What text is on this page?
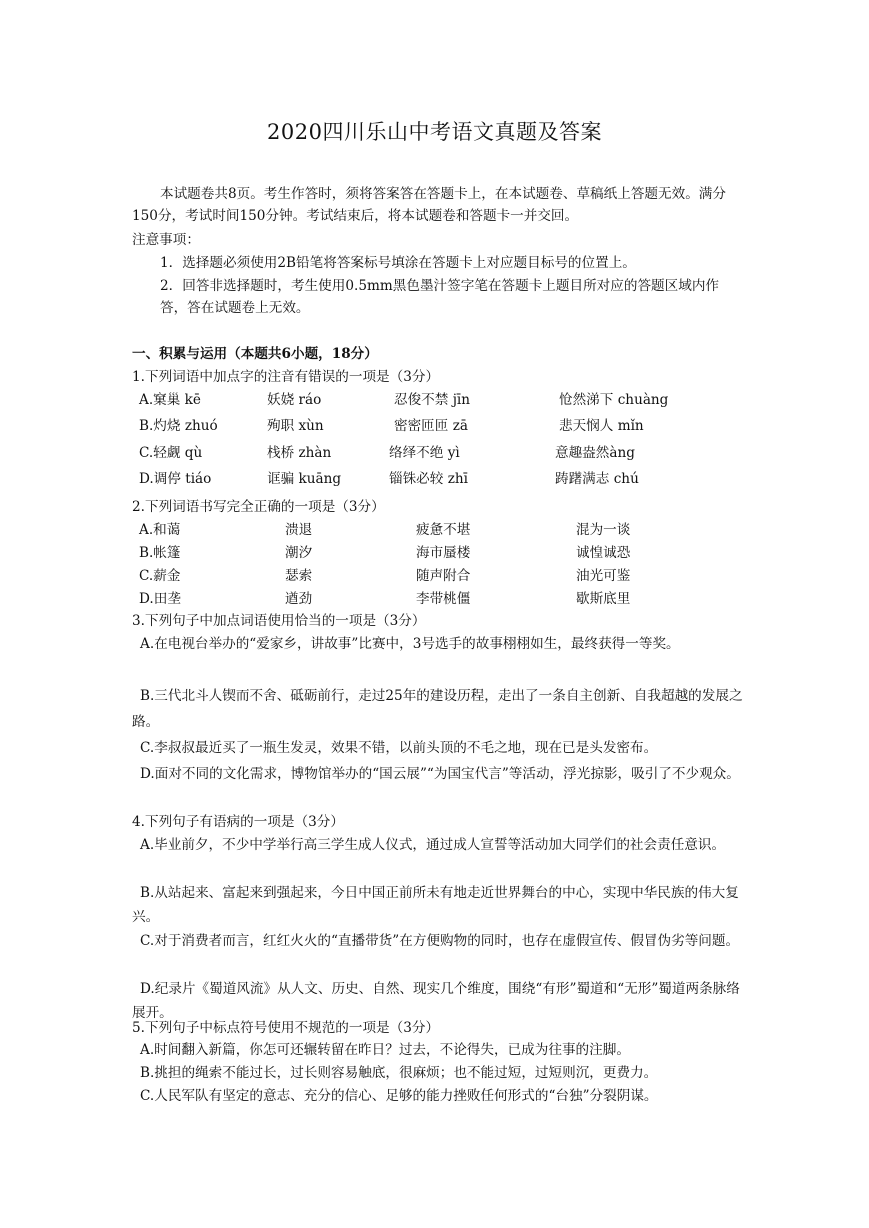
2020四川乐山中考语文真题及答案
本试题卷共8页。考生作答时，须将答案答在答题卡上，在本试题卷、草稿纸上答题无效。满分150分，考试时间150分钟。考试结束后，将本试题卷和答题卡一并交回。
注意事项：
1．选择题必须使用2B铅笔将答案标号填涂在答题卡上对应题目标号的位置上。
2．回答非选择题时，考生使用0.5mm黑色墨汁签字笔在答题卡上题目所对应的答题区域内作答，答在试题卷上无效。
一、积累与运用（本题共6小题，18分）
1.下列词语中加点字的注音有错误的一项是（3分）
A.窠巢 kē	妖娆 ráo	忍俊不禁 jīn	怆然涕下 chuàng
B.灼烧 zhuó	殉职 xùn	密密匝匝 zā	悲天悯人 mǐn
C.轻觑 qù	栈桥 zhàn	络绎不绝 yì	意趣盎然àng
D.调停 tiáo	诓骗 kuāng	锱铢必较 zhī	踌躇满志 chú
2.下列词语书写完全正确的一项是（3分）
A.和蔼	溃退	疲惫不堪	混为一谈
B.帐篷	潮汐	海市蜃楼	诚惶诚恐
C.薪金	瑟索	随声附合	油光可鉴
D.田垄	遒劲	李带桃僵	歇斯底里
3.下列句子中加点词语使用恰当的一项是（3分）
A.在电视台举办的“爱家乡，讲故事”比赛中，3号选手的故事栩栩如生，最终获得一等奖。
B.三代北斗人锲而不舍、砥砺前行，走过25年的建设历程，走出了一条自主创新、自我超越的发展之路。
C.李叔叔最近买了一瓶生发灵，效果不错，以前头顶的不毛之地，现在已是头发密布。
D.面对不同的文化需求，博物馆举办的“国云展”“为国宝代言”等活动，浮光掠影，吸引了不少观众。
4.下列句子有语病的一项是（3分）
A.毕业前夕，不少中学举行高三学生成人仪式，通过成人宣誓等活动加大同学们的社会责任意识。
B.从站起来、富起来到强起来，今日中国正前所未有地走近世界舞台的中心，实现中华民族的伟大复兴。
C.对于消费者而言，红红火火的“直播带货”在方便购物的同时，也存在虚假宣传、假冒伪劣等问题。
D.纪录片《蜀道风流》从人文、历史、自然、现实几个维度，围绕“有形”蜀道和“无形”蜀道两条脉络展开。
5.下列句子中标点符号使用不规范的一项是（3分）
A.时间翻入新篇，你怎可还辗转留在昨日？过去，不论得失，已成为往事的注脚。
B.挑担的绳索不能过长，过长则容易触底，很麻烦；也不能过短，过短则沉，更费力。
C.人民军队有坚定的意志、充分的信心、足够的能力挫败任何形式的“台独”分裂阴谋。
